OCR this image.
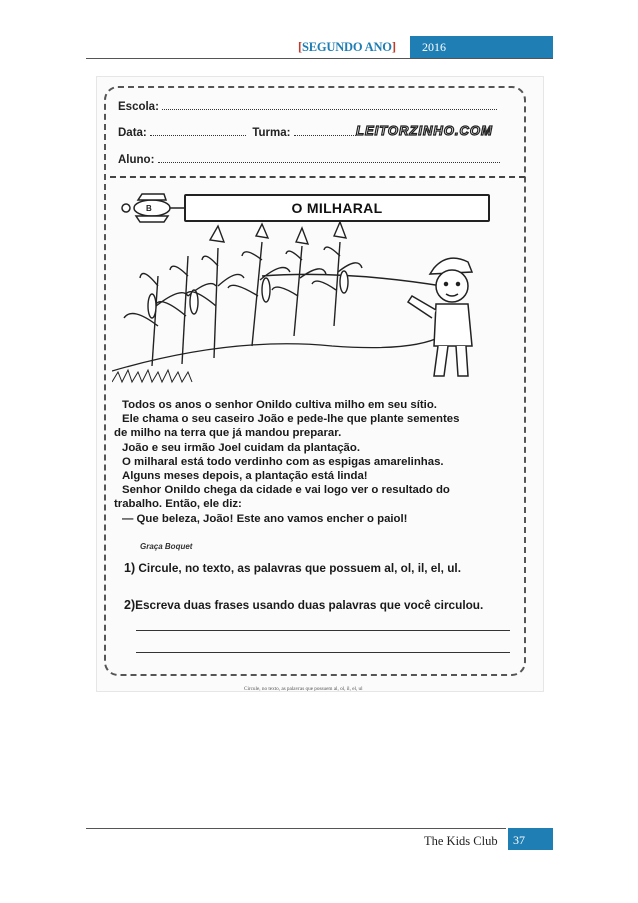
[SEGUNDO ANO]	2016
Escola:
Data:	Turma:	LEITORZINHO.COM
Aluno:
B	O MILHARAL

Todos os anos o senhor Onildo cultiva milho em seu sítio.

Ele chama o seu caseiro João e pede-lhe que plante sementes

de milho na terra que já mandou preparar.

João e seu irmão Joel cuidam da plantação.

O milharal está todo verdinho com as espigas amarelinhas.

Alguns meses depois, a plantação está linda!

Senhor Onildo chega da cidade e vai logo ver o resultado do

trabalho. Então, ele diz:

— Que beleza, João! Este ano vamos encher o paiol!

Graça Boquet
1) Circule, no texto, as palavras que possuem al, ol, il, el, ul.
2)Escreva duas frases usando duas palavras que você circulou.
Circule, no texto, as palavras que possuem al, ol, il, el, ul
The Kids Club	37
